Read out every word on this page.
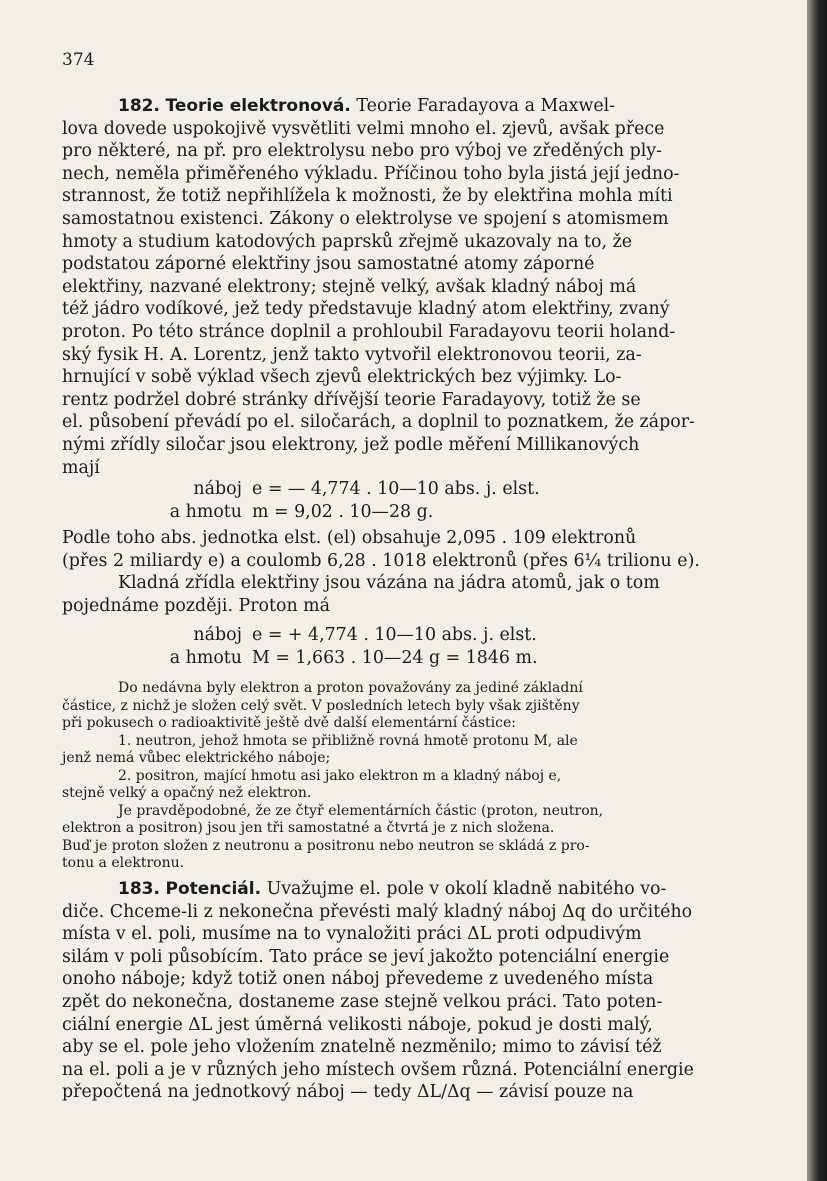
374

182. Teorie elektronová. Teorie Faradayova a Maxwel-

lova dovede uspokojivě vysvětliti velmi mnoho el. zjevů, avšak přece

pro některé, na př. pro elektrolysu nebo pro výboj ve zředěných ply-

nech, neměla přiměřeného výkladu. Příčinou toho byla jistá její jedno-

strannost, že totiž nepřihlížela k možnosti, že by elektřina mohla míti

samostatnou existenci. Zákony o elektrolyse ve spojení s atomismem

hmoty a studium katodových paprsků zřejmě ukazovaly na to, že

podstatou záporné elektřiny jsou samostatné atomy záporné

elektřiny, nazvané elektrony; stejně velký, avšak kladný náboj má

též jádro vodíkové, jež tedy představuje kladný atom elektřiny, zvaný

proton. Po této stránce doplnil a prohloubil Faradayovu teorii holand-

ský fysik H. A. Lorentz, jenž takto vytvořil elektronovou teorii, za-

hrnující v sobě výklad všech zjevů elektrických bez výjimky. Lo-

rentz podržel dobré stránky dřívější teorie Faradayovy, totiž že se

el. působení převádí po el. siločarách, a doplnil to poznatkem, že zápor-

nými zřídly siločar jsou elektrony, jež podle měření Millikanových

mají

náboj e = — 4,774 . 10—10 abs. j. elst.
a hmotu m = 9,02 . 10—28 g.

Podle toho abs. jednotka elst. (el) obsahuje 2,095 . 109 elektronů

(přes 2 miliardy e) a coulomb 6,28 . 1018 elektronů (přes 6¼ trilionu e).

Kladná zřídla elektřiny jsou vázána na jádra atomů, jak o tom

pojednáme později. Proton má

náboj e = + 4,774 . 10—10 abs. j. elst.
a hmotu M = 1,663 . 10—24 g = 1846 m.

Do nedávna byly elektron a proton považovány za jediné základní

částice, z nichž je složen celý svět. V posledních letech byly však zjištěny

při pokusech o radioaktivitě ještě dvě další elementární částice:

1. neutron, jehož hmota se přibližně rovná hmotě protonu M, ale

jenž nemá vůbec elektrického náboje;

2. positron, mající hmotu asi jako elektron m a kladný náboj e,

stejně velký a opačný než elektron.

Je pravděpodobné, že ze čtyř elementárních částic (proton, neutron,

elektron a positron) jsou jen tři samostatné a čtvrtá je z nich složena.

Buď je proton složen z neutronu a positronu nebo neutron se skládá z pro-

tonu a elektronu.

183. Potenciál. Uvažujme el. pole v okolí kladně nabitého vo-

diče. Chceme-li z nekonečna převésti malý kladný náboj Δq do určitého

místa v el. poli, musíme na to vynaložiti práci ΔL proti odpudivým

silám v poli působícím. Tato práce se jeví jakožto potenciální energie

onoho náboje; když totiž onen náboj převedeme z uvedeného místa

zpět do nekonečna, dostaneme zase stejně velkou práci. Tato poten-

ciální energie ΔL jest úměrná velikosti náboje, pokud je dosti malý,

aby se el. pole jeho vložením znatelně nezměnilo; mimo to závisí též

na el. poli a je v různých jeho místech ovšem různá. Potenciální energie

přepočtená na jednotkový náboj — tedy ΔL/Δq — závisí pouze na
